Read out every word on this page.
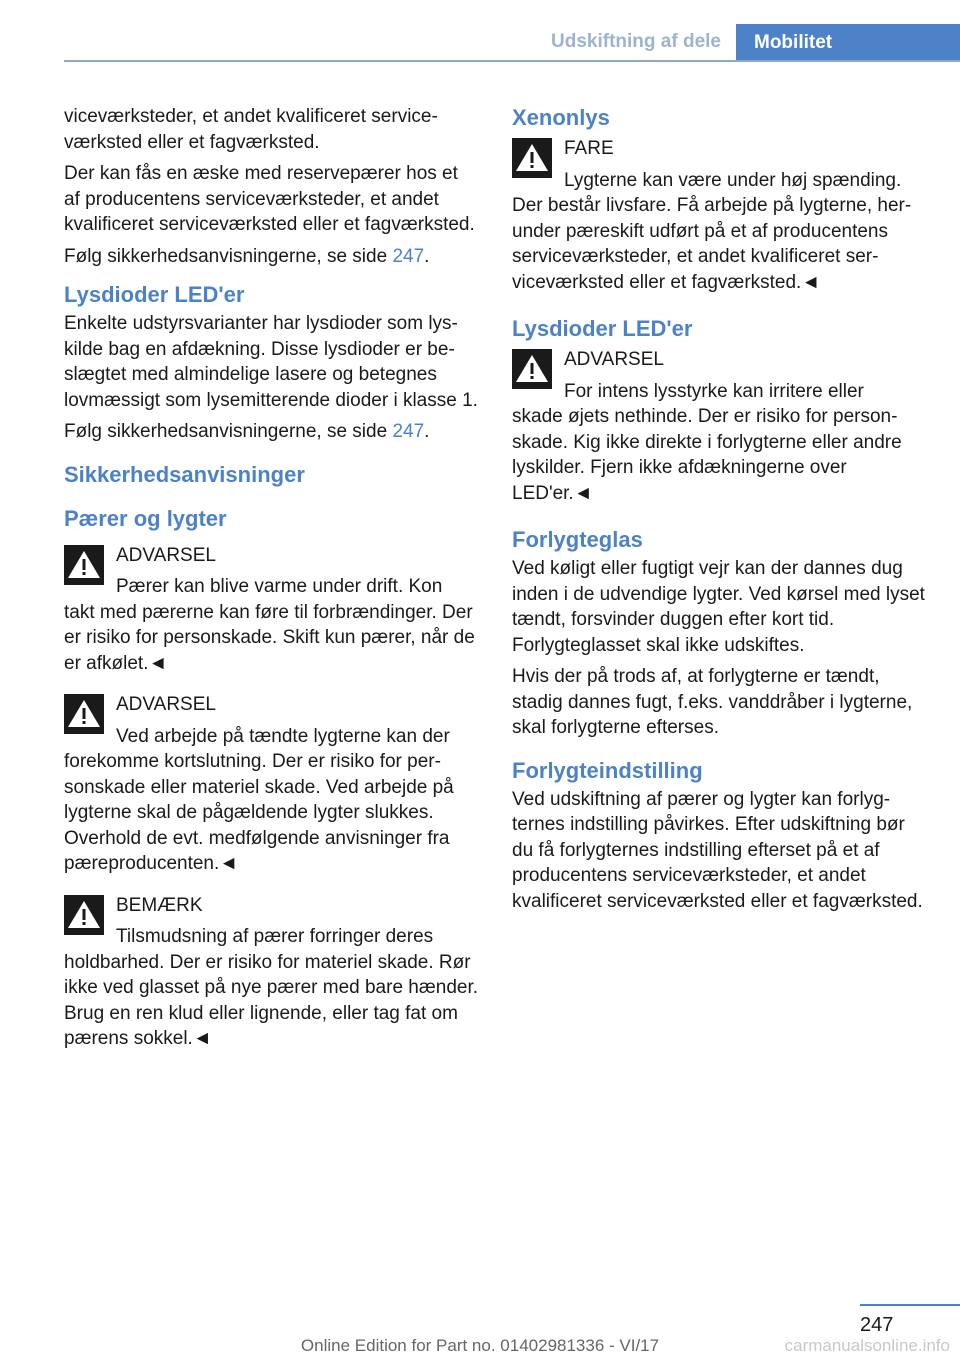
Udskiftning af dele	Mobilitet

viceværksteder, et andet kvalificeret serviceværksted eller et fagværksted.

Der kan fås en æske med reservepærer hos et af producentens serviceværksteder, et andet kvalificeret serviceværksted eller et fagværksted.

Følg sikkerhedsanvisningerne, se side 247.

Lysdioder LED'er

Enkelte udstyrsvarianter har lysdioder som lyskilde bag en afdækning. Disse lysdioder er beslægtet med almindelige lasere og betegnes lovmæssigt som lysemitterende dioder i klasse 1.

Følg sikkerhedsanvisningerne, se side 247.

Sikkerhedsanvisninger
Pærer og lygter
ADVARSEL
Pærer kan blive varme under drift. Kon
takt med pærerne kan føre til forbrændinger. Der er risiko for personskade. Skift kun pærer, når de er afkølet.◄
ADVARSEL
Ved arbejde på tændte lygterne kan der
forekomme kortslutning. Der er risiko for personskade eller materiel skade. Ved arbejde på lygterne skal de pågældende lygter slukkes. Overhold de evt. medfølgende anvisninger fra pæreproducenten.◄
BEMÆRK
Tilsmudsning af pærer forringer deres
holdbarhed. Der er risiko for materiel skade. Rør ikke ved glasset på nye pærer med bare hænder. Brug en ren klud eller lignende, eller tag fat om pærens sokkel.◄
Xenonlys
FARE
Lygterne kan være under høj spænding.
Der består livsfare. Få arbejde på lygterne, herunder pæreskift udført på et af producentens serviceværksteder, et andet kvalificeret serviceværksted eller et fagværksted.◄
Lysdioder LED'er
ADVARSEL
For intens lysstyrke kan irritere eller
skade øjets nethinde. Der er risiko for personskade. Kig ikke direkte i forlygterne eller andre lyskilder. Fjern ikke afdækningerne over LED'er.◄
Forlygteglas

Ved køligt eller fugtigt vejr kan der dannes dug inden i de udvendige lygter. Ved kørsel med lyset tændt, forsvinder duggen efter kort tid. Forlygteglasset skal ikke udskiftes.

Hvis der på trods af, at forlygterne er tændt, stadig dannes fugt, f.eks. vanddråber i lygterne, skal forlygterne efterses.

Forlygteindstilling

Ved udskiftning af pærer og lygter kan forlygternes indstilling påvirkes. Efter udskiftning bør du få forlygternes indstilling efterset på et af producentens serviceværksteder, et andet kvalificeret serviceværksted eller et fagværksted.

247
Online Edition for Part no. 01402981336 - VI/17	carmanualsonline.info
